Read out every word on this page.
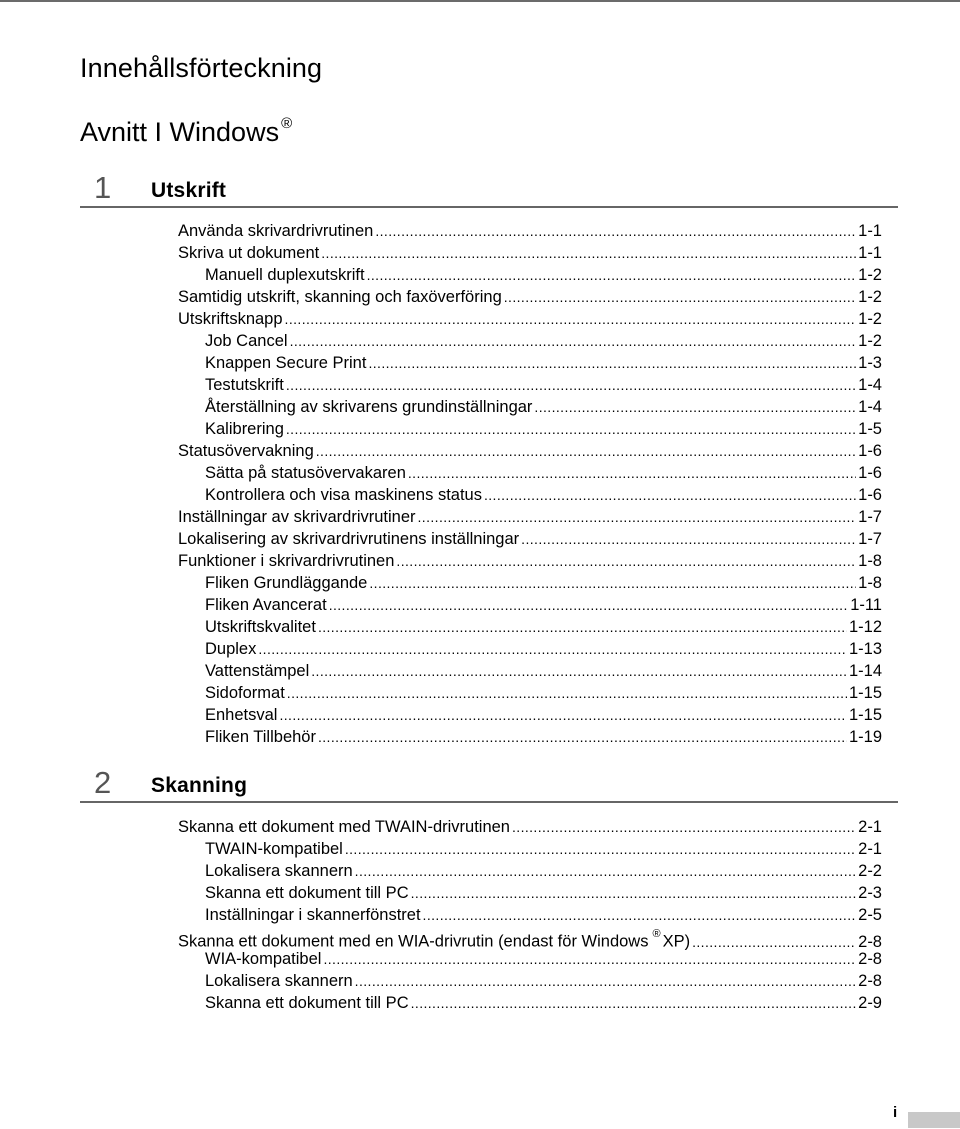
Innehållsförteckning
Avnitt I Windows ®
1 Utskrift
Använda skrivardrivrutinen .....	1-1
Skriva ut dokument .....	1-1
Manuell duplexutskrift .....	1-2
Samtidig utskrift, skanning och faxöverföring .....	1-2
Utskriftsknapp .....	1-2
Job Cancel .....	1-2
Knappen Secure Print .....	1-3
Testutskrift .....	1-4
Återställning av skrivarens grundinställningar .....	1-4
Kalibrering .....	1-5
Statusövervakning .....	1-6
Sätta på statusövervakaren .....	1-6
Kontrollera och visa maskinens status .....	1-6
Inställningar av skrivardrivrutiner .....	1-7
Lokalisering av skrivardrivrutinens inställningar .....	1-7
Funktioner i skrivardrivrutinen .....	1-8
Fliken Grundläggande .....	1-8
Fliken Avancerat .....	1-11
Utskriftskvalitet .....	1-12
Duplex .....	1-13
Vattenstämpel .....	1-14
Sidoformat .....	1-15
Enhetsval .....	1-15
Fliken Tillbehör .....	1-19
2 Skanning
Skanna ett dokument med TWAIN-drivrutinen .....	2-1
TWAIN-kompatibel .....	2-1
Lokalisera skannern .....	2-2
Skanna ett dokument till PC .....	2-3
Inställningar i skannerfönstret .....	2-5
Skanna ett dokument med en WIA-drivrutin (endast för Windows ® XP) .....	2-8
WIA-kompatibel .....	2-8
Lokalisera skannern .....	2-8
Skanna ett dokument till PC .....	2-9
i
